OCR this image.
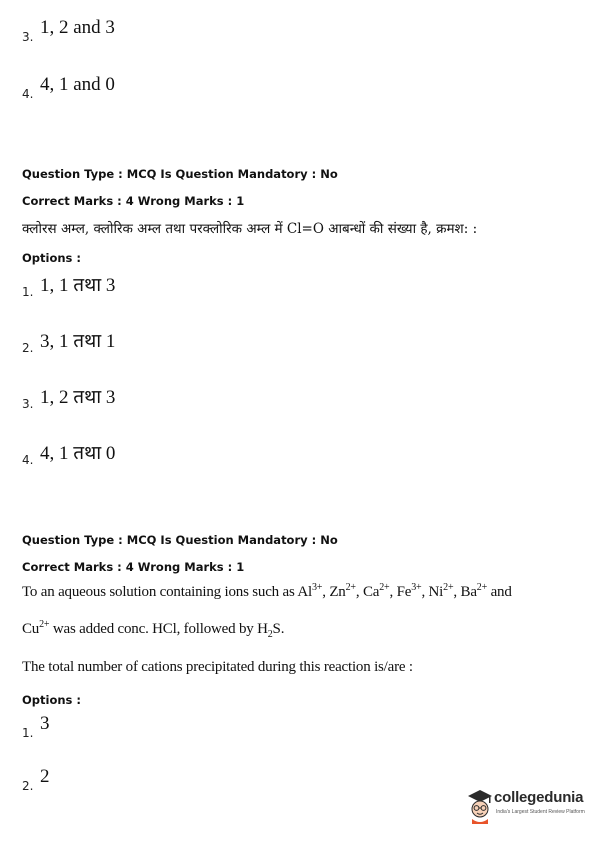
3. 1, 2 and 3
4. 4, 1 and 0
Question Type : MCQ Is Question Mandatory : No
Correct Marks : 4 Wrong Marks : 1
क्लोरस अम्ल, क्लोरिक अम्ल तथा परक्लोरिक अम्ल में Cl=O आबन्धों की संख्या है, क्रमश: :
Options :
1. 1, 1 तथा 3
2. 3, 1 तथा 1
3. 1, 2 तथा 3
4. 4, 1 तथा 0
Question Type : MCQ Is Question Mandatory : No
Correct Marks : 4 Wrong Marks : 1
To an aqueous solution containing ions such as $Al^{3+}$, $Zn^{2+}$, $Ca^{2+}$, $Fe^{3+}$, $Ni^{2+}$, $Ba^{2+}$ and
$Cu^{2+}$ was added conc. HCl, followed by $H_2S$.
The total number of cations precipitated during this reaction is/are :
Options :
1. 3
2. 2
collegedunia
India's Largest Student Review Platform
